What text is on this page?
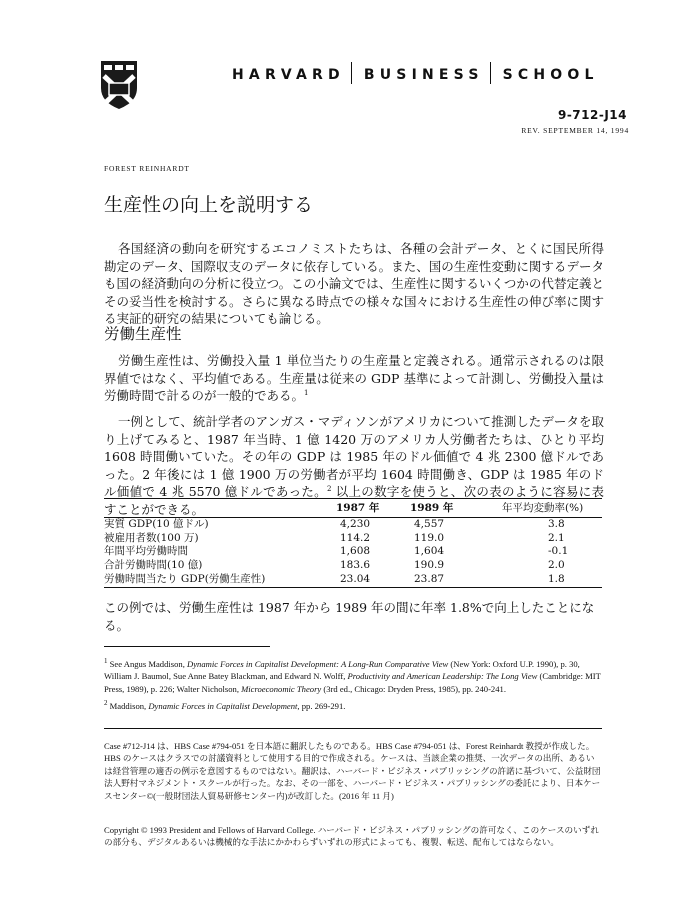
HARVARD BUSINESS SCHOOL
9-712-J14
REV. SEPTEMBER 14, 1994
FOREST REINHARDT
生産性の向上を説明する

各国経済の動向を研究するエコノミストたちは、各種の会計データ、とくに国民所得勘定のデータ、国際収支のデータに依存している。また、国の生産性変動に関するデータも国の経済動向の分析に役立つ。この小論文では、生産性に関するいくつかの代替定義とその妥当性を検討する。さらに異なる時点での様々な国々における生産性の伸び率に関する実証的研究の結果についても論じる。

労働生産性

労働生産性は、労働投入量 1 単位当たりの生産量と定義される。通常示されるのは限界値ではなく、平均値である。生産量は従来の GDP 基準によって計測し、労働投入量は労働時間で計るのが一般的である。$^1$

一例として、統計学者のアンガス・マディソンがアメリカについて推測したデータを取り上げてみると、1987 年当時、1 億 1420 万のアメリカ人労働者たちは、ひとり平均 1608 時間働いていた。その年の GDP は 1985 年のドル価値で 4 兆 2300 億ドルであった。2 年後には 1 億 1900 万の労働者が平均 1604 時間働き、GDP は 1985 年のドル価値で 4 兆 5570 億ドルであった。$^2$ 以上の数字を使うと、次の表のように容易に表すことができる。

		1987 年	1989 年	年平均変動率(%)
実質 GDP(10 億ドル)	4,230	4,557	3.8
被雇用者数(100 万)	114.2	119.0	2.1
年間平均労働時間	1,608	1,604	-0.1
合計労働時間(10 億)	183.6	190.9	2.0
労働時間当たり GDP(労働生産性)	23.04	23.87	1.8
この例では、労働生産性は 1987 年から 1989 年の間に年率 1.8%で向上したことになる。

$^1$ See Angus Maddison, Dynamic Forces in Capitalist Development: A Long-Run Comparative View (New York: Oxford U.P. 1990), p. 30, William J. Baumol, Sue Anne Batey Blackman, and Edward N. Wolff, Productivity and American Leadership: The Long View (Cambridge: MIT Press, 1989), p. 226; Walter Nicholson, Microeconomic Theory (3rd ed., Chicago: Dryden Press, 1985), pp. 240-241.

$^2$ Maddison, Dynamic Forces in Capitalist Development, pp. 269-291.

Case #712-J14 は、HBS Case #794-051 を日本語に翻訳したものである。HBS Case #794-051 は、Forest Reinhardt 教授が作成した。HBS のケースはクラスでの討議資料として使用する目的で作成される。ケースは、当該企業の推奨、一次データの出所、あるいは経営管理の適否の例示を意図するものではない。翻訳は、ハーバード・ビジネス・パブリッシングの許諾に基づいて、公益財団法人野村マネジメント・スクールが行った。なお、その一部を、ハーバード・ビジネス・パブリッシングの委託により、日本ケースセンター©(一般財団法人貿易研修センター内)が改訂した。(2016 年 11 月)

Copyright © 1993 President and Fellows of Harvard College. ハーバード・ビジネス・パブリッシングの許可なく、このケースのいずれの部分も、デジタルあるいは機械的な手法にかかわらずいずれの形式によっても、複製、転送、配布してはならない。
